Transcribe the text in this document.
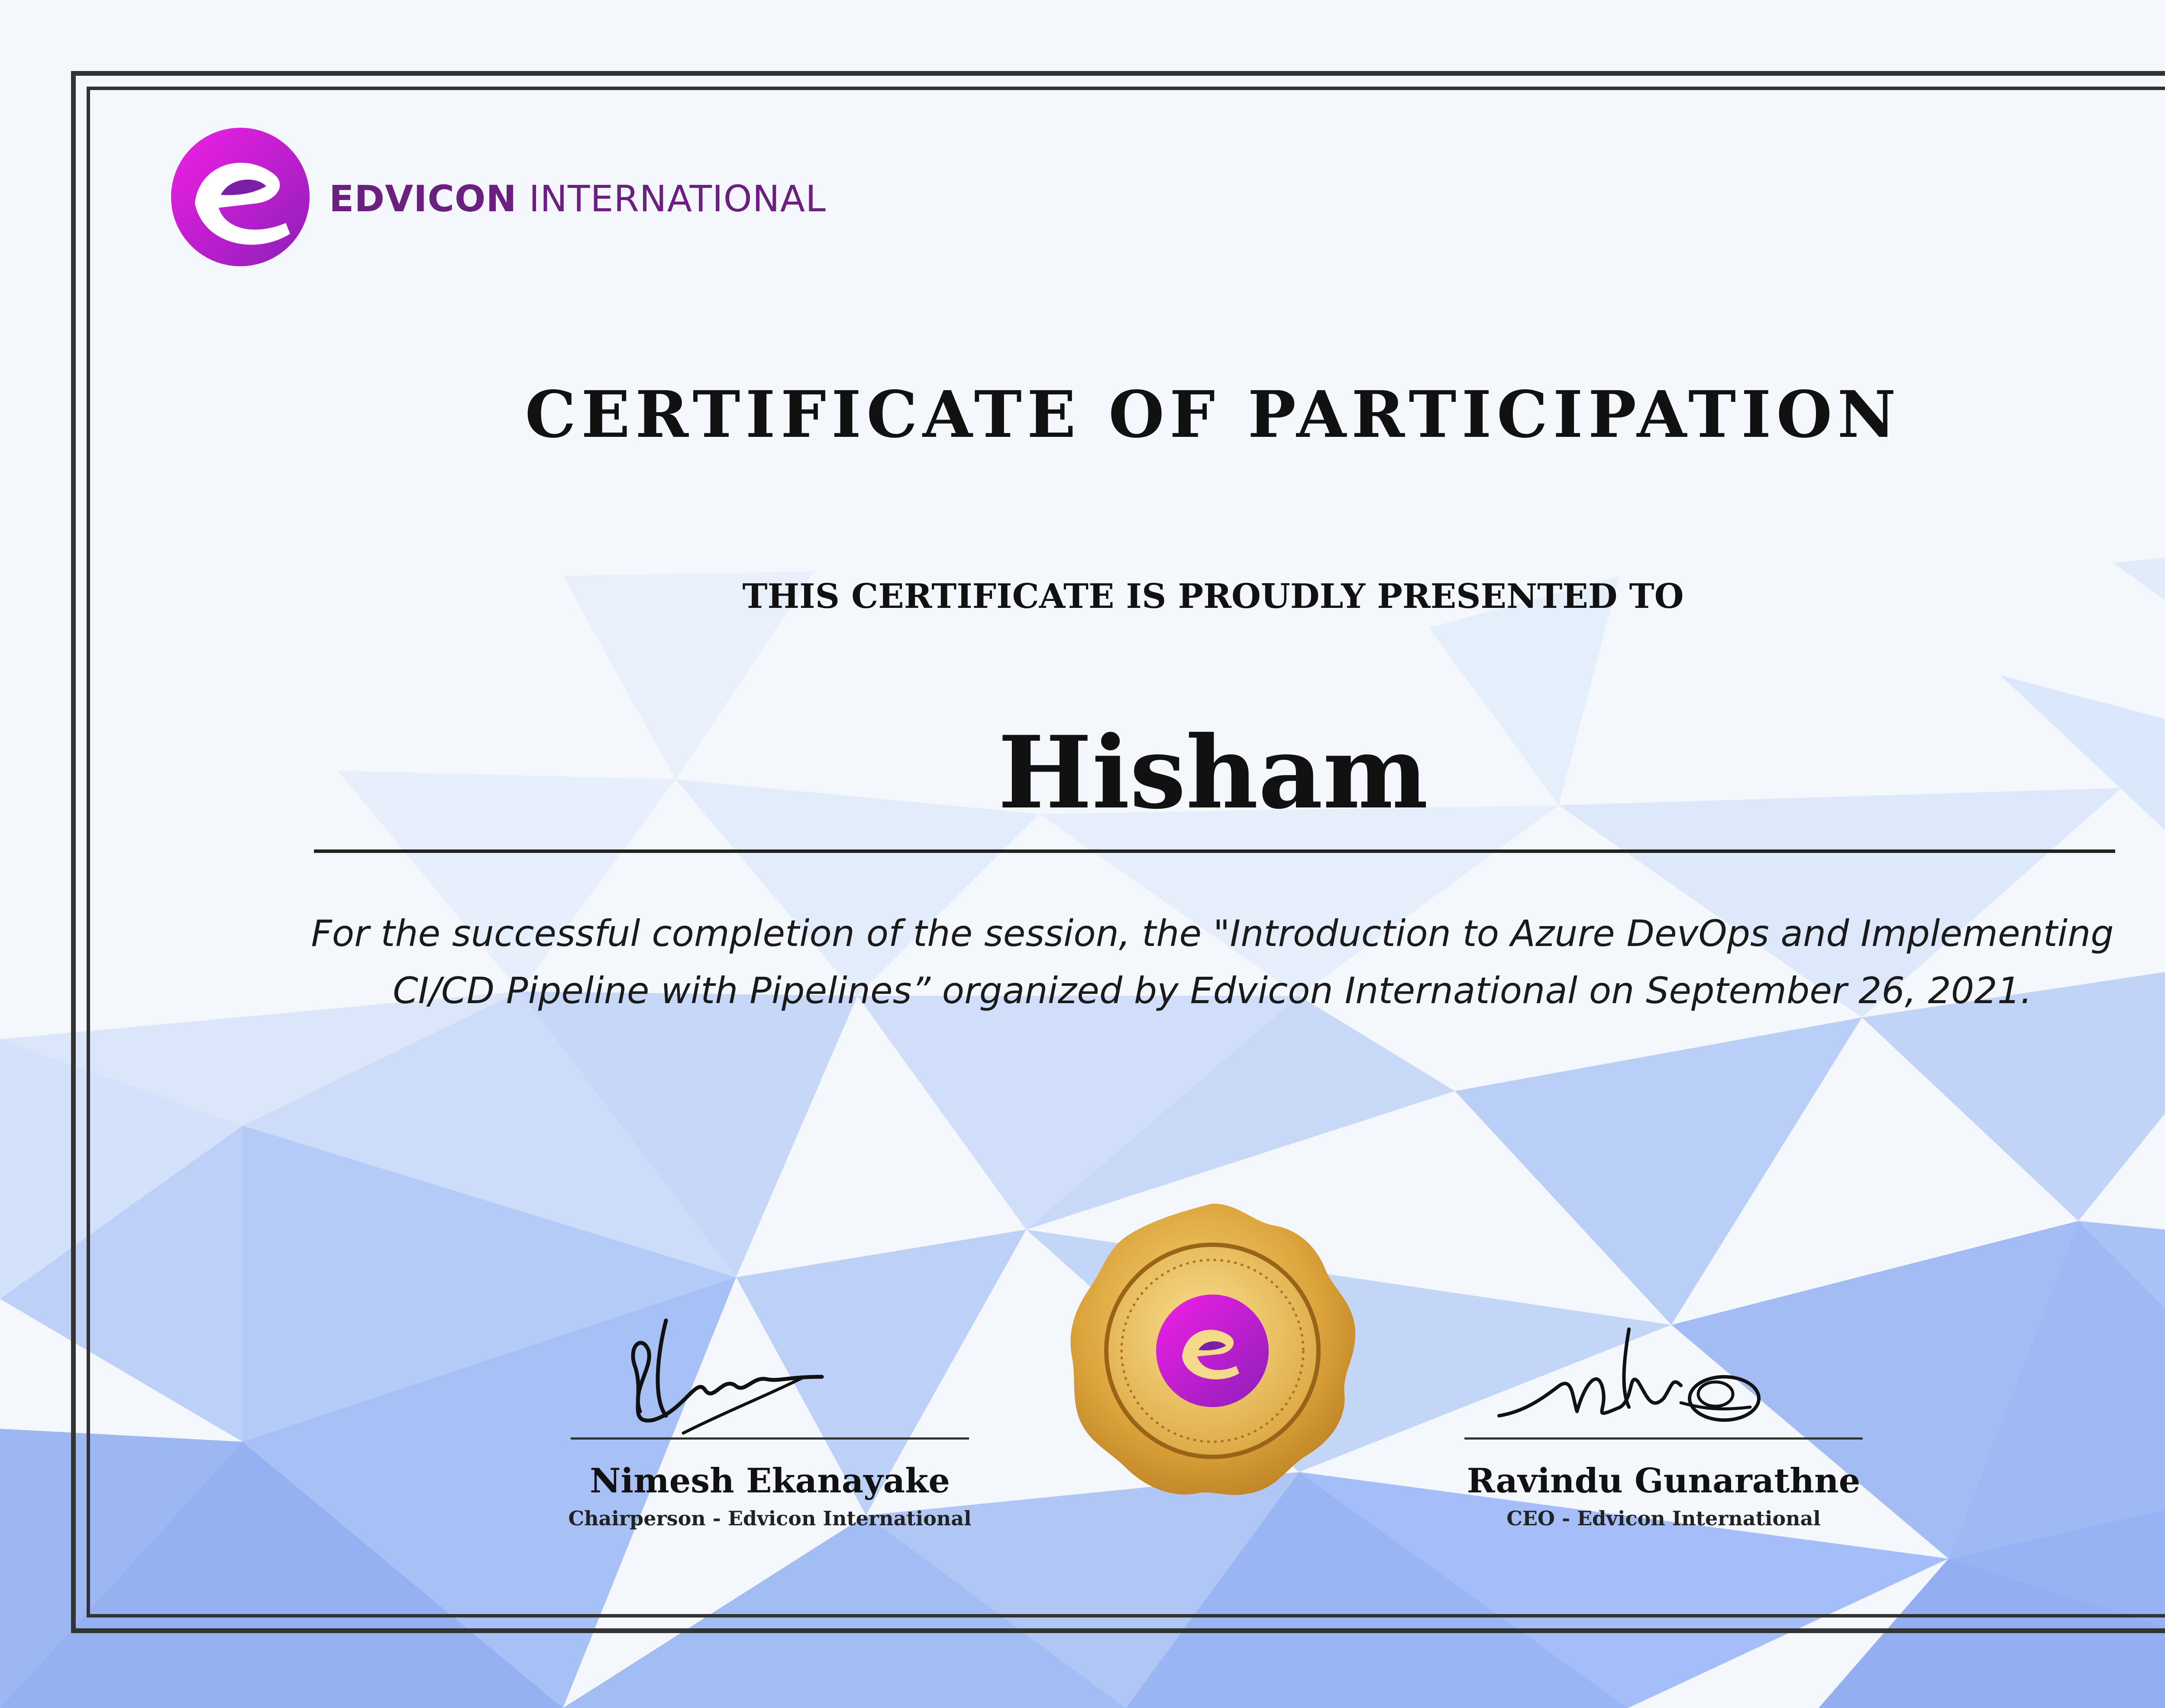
EDVICON INTERNATIONAL
CERTIFICATE OF PARTICIPATION
THIS CERTIFICATE IS PROUDLY PRESENTED TO
Hisham
For the successful completion of the session, the "Introduction to Azure DevOps and Implementing
CI/CD Pipeline with Pipelines” organized by Edvicon International on September 26, 2021.
Nimesh Ekanayake
Chairperson - Edvicon International
Ravindu Gunarathne
CEO - Edvicon International
